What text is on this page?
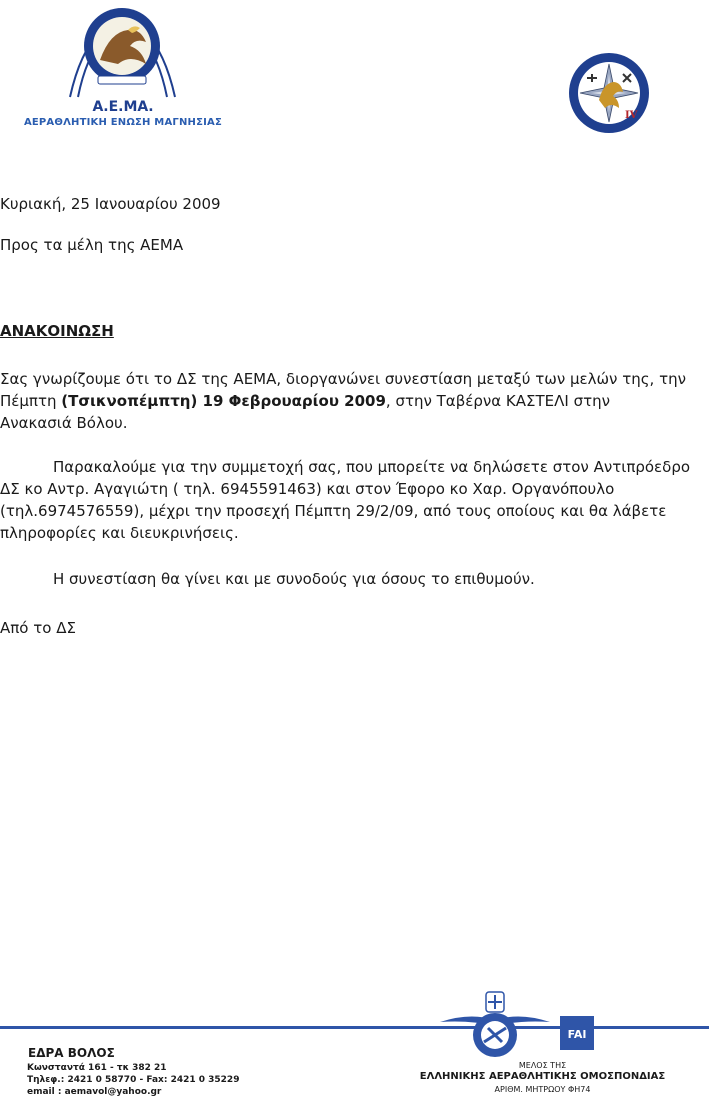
Α.Ε.ΜΑ.
ΑΕΡΑΘΛΗΤΙΚΗ ΕΝΩΣΗ ΜΑΓΝΗΣΙΑΣ
IV

Κυριακή, 25 Ιανουαρίου 2009

Προς τα μέλη της ΑΕΜΑ

ΑΝΑΚΟΙΝΩΣΗ

Σας γνωρίζουμε ότι το ΔΣ της ΑΕΜΑ, διοργανώνει συνεστίαση μεταξύ των μελών της, την
Πέμπτη (Τσικνοπέμπτη) 19 Φεβρουαρίου 2009, στην Ταβέρνα ΚΑΣΤΕΛΙ στην
Ανακασιά Βόλου.
Παρακαλούμε για την συμμετοχή σας, που μπορείτε να δηλώσετε στον Αντιπρόεδρο
ΔΣ κο Αντρ. Αγαγιώτη ( τηλ. 6945591463) και στον Έφορο κο Χαρ. Οργανόπουλο
(τηλ.6974576559), μέχρι την προσεχή Πέμπτη 29/2/09, από τους οποίους και θα λάβετε
πληροφορίες και διευκρινήσεις.
Η συνεστίαση θα γίνει και με συνοδούς για όσους το επιθυμούν.

Από το ΔΣ

ΕΔΡΑ ΒΟΛΟΣ
Κωνσταντά 161 - τκ 382 21
Τηλεφ.: 2421 0 58770 - Fax: 2421 0 35229
email : aemavol@yahoo.gr
FAI
ΜΕΛΟΣ ΤΗΣ
ΕΛΛΗΝΙΚΗΣ ΑΕΡΑΘΛΗΤΙΚΗΣ ΟΜΟΣΠΟΝΔΙΑΣ
ΑΡΙΘΜ. ΜΗΤΡΩΟΥ ΦΗ74
